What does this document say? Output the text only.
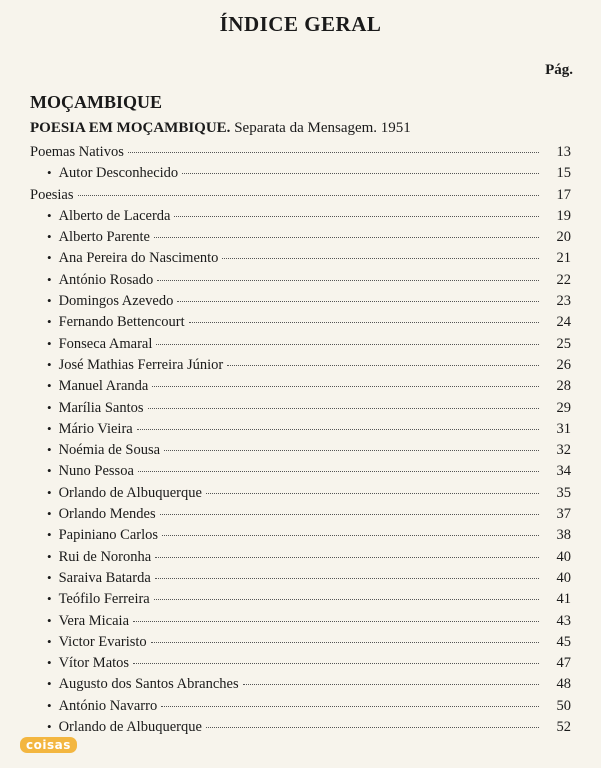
ÍNDICE GERAL
Pág.
MOÇAMBIQUE
POESIA EM MOÇAMBIQUE. Separata da Mensagem. 1951
Poemas Nativos	13
• Autor Desconhecido	15
Poesias	17
• Alberto de Lacerda	19
• Alberto Parente	20
• Ana Pereira do Nascimento	21
• António Rosado	22
• Domingos Azevedo	23
• Fernando Bettencourt	24
• Fonseca Amaral	25
• José Mathias Ferreira Júnior	26
• Manuel Aranda	28
• Marília Santos	29
• Mário Vieira	31
• Noémia de Sousa	32
• Nuno Pessoa	34
• Orlando de Albuquerque	35
• Orlando Mendes	37
• Papiniano Carlos	38
• Rui de Noronha	40
• Saraiva Batarda	40
• Teófilo Ferreira	41
• Vera Micaia	43
• Victor Evaristo	45
• Vítor Matos	47
• Augusto dos Santos Abranches	48
• António Navarro	50
• Orlando de Albuquerque	52
coisas
